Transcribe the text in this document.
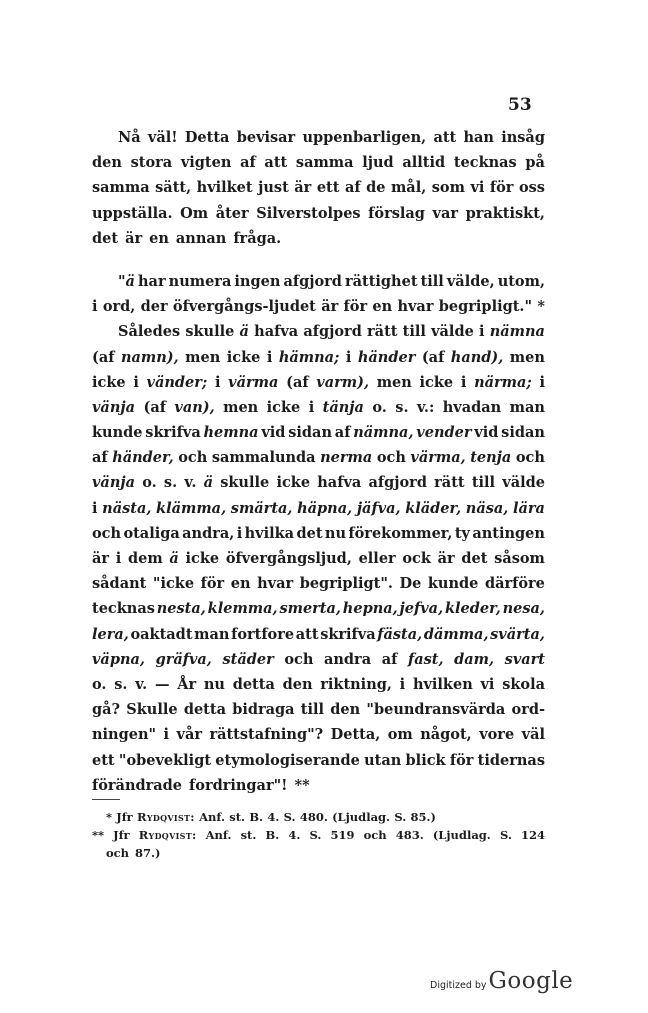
53
Nå väl! Detta bevisar uppenbarligen, att han insåg
den stora vigten af att samma ljud alltid tecknas på
samma sätt, hvilket just är ett af de mål, som vi för oss
uppställa. Om åter Silverstolpes förslag var praktiskt,
det är en annan fråga.
"ä har numera ingen afgjord rättighet till välde, utom,
i ord, der öfvergångs-ljudet är för en hvar begripligt." *
Således skulle ä hafva afgjord rätt till välde i nämna
(af namn), men icke i hämna; i händer (af hand), men
icke i vänder; i värma (af varm), men icke i närma; i
vänja (af van), men icke i tänja o. s. v.: hvadan man
kunde skrifva hemna vid sidan af nämna, vender vid sidan
af händer, och sammalunda nerma och värma, tenja och
vänja o. s. v. ä skulle icke hafva afgjord rätt till välde
i nästa, klämma, smärta, häpna, jäfva, kläder, näsa, lära
och otaliga andra, i hvilka det nu förekommer, ty antingen
är i dem ä icke öfvergångsljud, eller ock är det såsom
sådant "icke för en hvar begripligt". De kunde därföre
tecknas nesta, klemma, smerta, hepna, jefva, kleder, nesa,
lera, oaktadt man fortfore att skrifva fästa, dämma, svärta,
väpna, gräfva, städer och andra af fast, dam, svart
o. s. v. — År nu detta den riktning, i hvilken vi skola
gå? Skulle detta bidraga till den "beundransvärda ord-
ningen" i vår rättstafning"? Detta, om något, vore väl
ett "obevekligt etymologiserande utan blick för tidernas
förändrade fordringar"! **
* Jfr Rydqvist: Anf. st. B. 4. S. 480. (Ljudlag. S. 85.)
** Jfr Rydqvist: Anf. st. B. 4. S. 519 och 483. (Ljudlag. S. 124
och 87.)
Digitized by Google
